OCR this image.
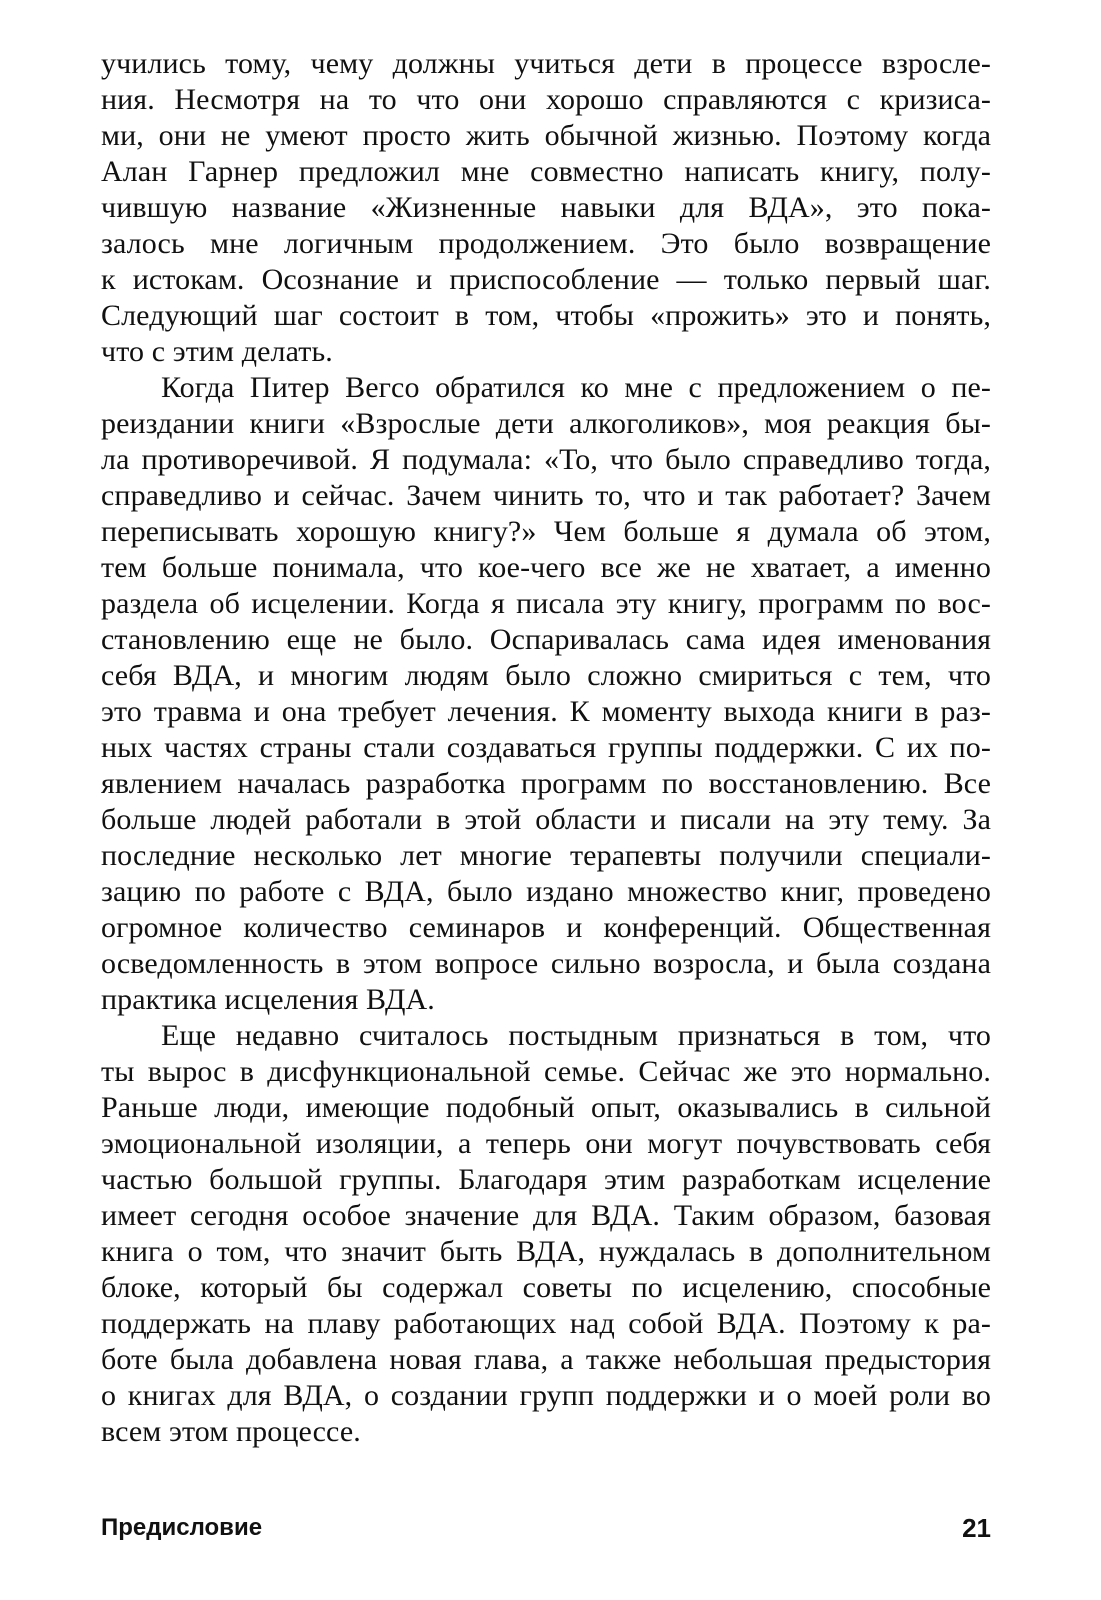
учились тому, чему должны учиться дети в процессе взросле-
ния. Несмотря на то что они хорошо справляются с кризиса-
ми, они не умеют просто жить обычной жизнью. Поэтому когда
Алан Гарнер предложил мне совместно написать книгу, полу-
чившую название «Жизненные навыки для ВДА», это пока-
залось мне логичным продолжением. Это было возвращение
к истокам. Осознание и приспособление — только первый шаг.
Следующий шаг состоит в том, чтобы «прожить» это и понять,
что с этим делать.
Когда Питер Вегсо обратился ко мне с предложением о пе-
реиздании книги «Взрослые дети алкоголиков», моя реакция бы-
ла противоречивой. Я подумала: «То, что было справедливо тогда,
справедливо и сейчас. Зачем чинить то, что и так работает? Зачем
переписывать хорошую книгу?» Чем больше я думала об этом,
тем больше понимала, что кое-чего все же не хватает, а именно
раздела об исцелении. Когда я писала эту книгу, программ по вос-
становлению еще не было. Оспаривалась сама идея именования
себя ВДА, и многим людям было сложно смириться с тем, что
это травма и она требует лечения. К моменту выхода книги в раз-
ных частях страны стали создаваться группы поддержки. С их по-
явлением началась разработка программ по восстановлению. Все
больше людей работали в этой области и писали на эту тему. За
последние несколько лет многие терапевты получили специали-
зацию по работе с ВДА, было издано множество книг, проведено
огромное количество семинаров и конференций. Общественная
осведомленность в этом вопросе сильно возросла, и была создана
практика исцеления ВДА.
Еще недавно считалось постыдным признаться в том, что
ты вырос в дисфункциональной семье. Сейчас же это нормально.
Раньше люди, имеющие подобный опыт, оказывались в сильной
эмоциональной изоляции, а теперь они могут почувствовать себя
частью большой группы. Благодаря этим разработкам исцеление
имеет сегодня особое значение для ВДА. Таким образом, базовая
книга о том, что значит быть ВДА, нуждалась в дополнительном
блоке, который бы содержал советы по исцелению, способные
поддержать на плаву работающих над собой ВДА. Поэтому к ра-
боте была добавлена новая глава, а также небольшая предыстория
о книгах для ВДА, о создании групп поддержки и о моей роли во
всем этом процессе.
Предисловие	21
